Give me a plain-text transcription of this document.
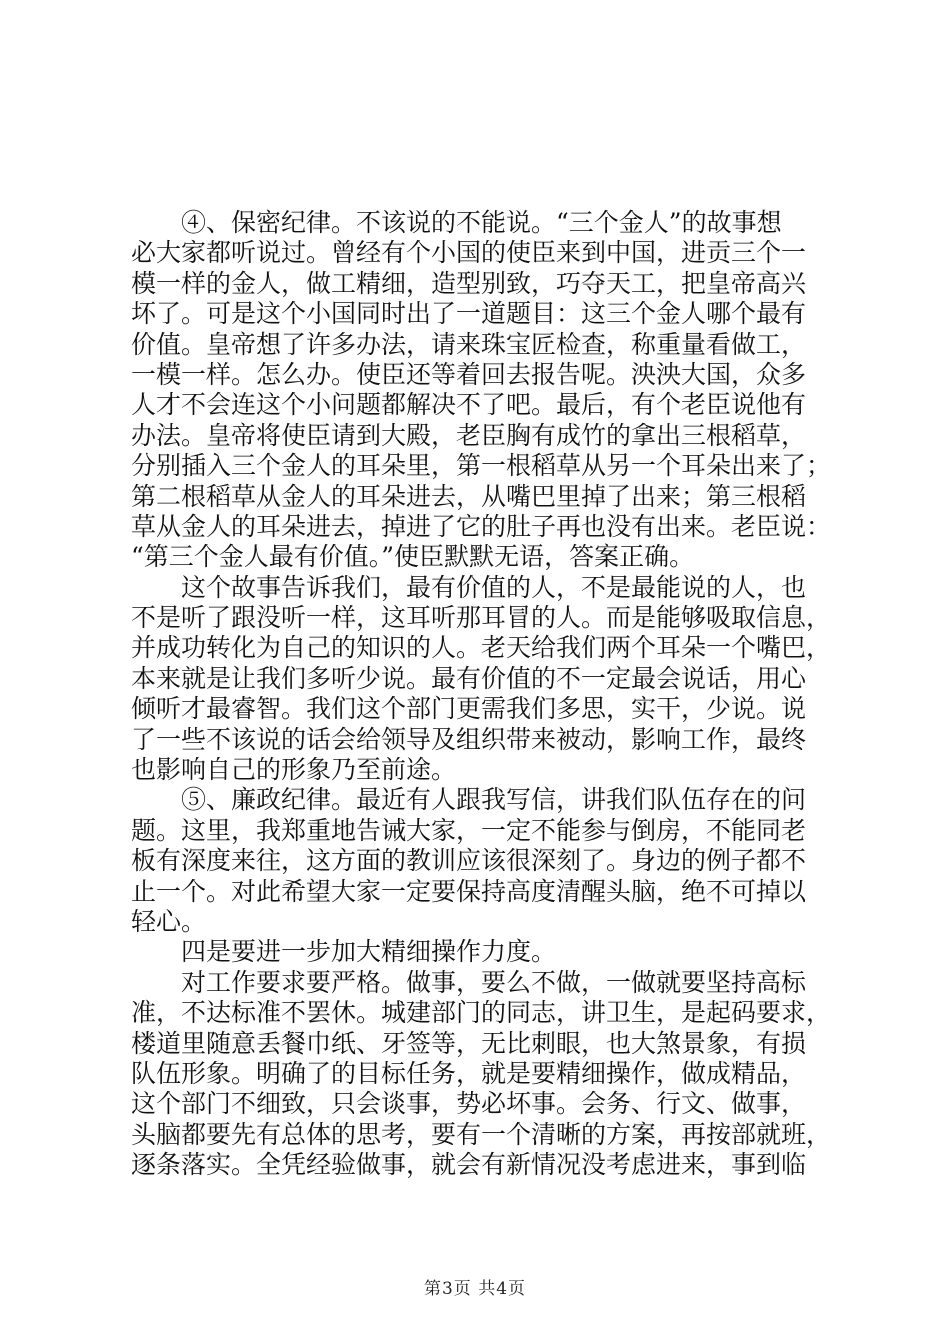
　　④、保密纪律。不该说的不能说。“三个金人”的故事想
必大家都听说过。曾经有个小国的使臣来到中国，进贡三个一
模一样的金人，做工精细，造型别致，巧夺天工，把皇帝高兴
坏了。可是这个小国同时出了一道题目：这三个金人哪个最有
价值。皇帝想了许多办法，请来珠宝匠检查，称重量看做工，
一模一样。怎么办。使臣还等着回去报告呢。泱泱大国，众多
人才不会连这个小问题都解决不了吧。最后，有个老臣说他有
办法。皇帝将使臣请到大殿，老臣胸有成竹的拿出三根稻草，
分别插入三个金人的耳朵里，第一根稻草从另一个耳朵出来了；
第二根稻草从金人的耳朵进去，从嘴巴里掉了出来；第三根稻
草从金人的耳朵进去，掉进了它的肚子再也没有出来。老臣说：
“第三个金人最有价值。”使臣默默无语，答案正确。
　　这个故事告诉我们，最有价值的人，不是最能说的人，也
不是听了跟没听一样，这耳听那耳冒的人。而是能够吸取信息，
并成功转化为自己的知识的人。老天给我们两个耳朵一个嘴巴，
本来就是让我们多听少说。最有价值的不一定最会说话，用心
倾听才最睿智。我们这个部门更需我们多思，实干，少说。说
了一些不该说的话会给领导及组织带来被动，影响工作，最终
也影响自己的形象乃至前途。
　　⑤、廉政纪律。最近有人跟我写信，讲我们队伍存在的问
题。这里，我郑重地告诫大家，一定不能参与倒房，不能同老
板有深度来往，这方面的教训应该很深刻了。身边的例子都不
止一个。对此希望大家一定要保持高度清醒头脑，绝不可掉以
轻心。
　　四是要进一步加大精细操作力度。
　　对工作要求要严格。做事，要么不做，一做就要坚持高标
准，不达标准不罢休。城建部门的同志，讲卫生，是起码要求，
楼道里随意丢餐巾纸、牙签等，无比刺眼，也大煞景象，有损
队伍形象。明确了的目标任务，就是要精细操作，做成精品，
这个部门不细致，只会谈事，势必坏事。会务、行文、做事，
头脑都要先有总体的思考，要有一个清晰的方案，再按部就班，
逐条落实。全凭经验做事，就会有新情况没考虑进来，事到临
第3页 共4页
